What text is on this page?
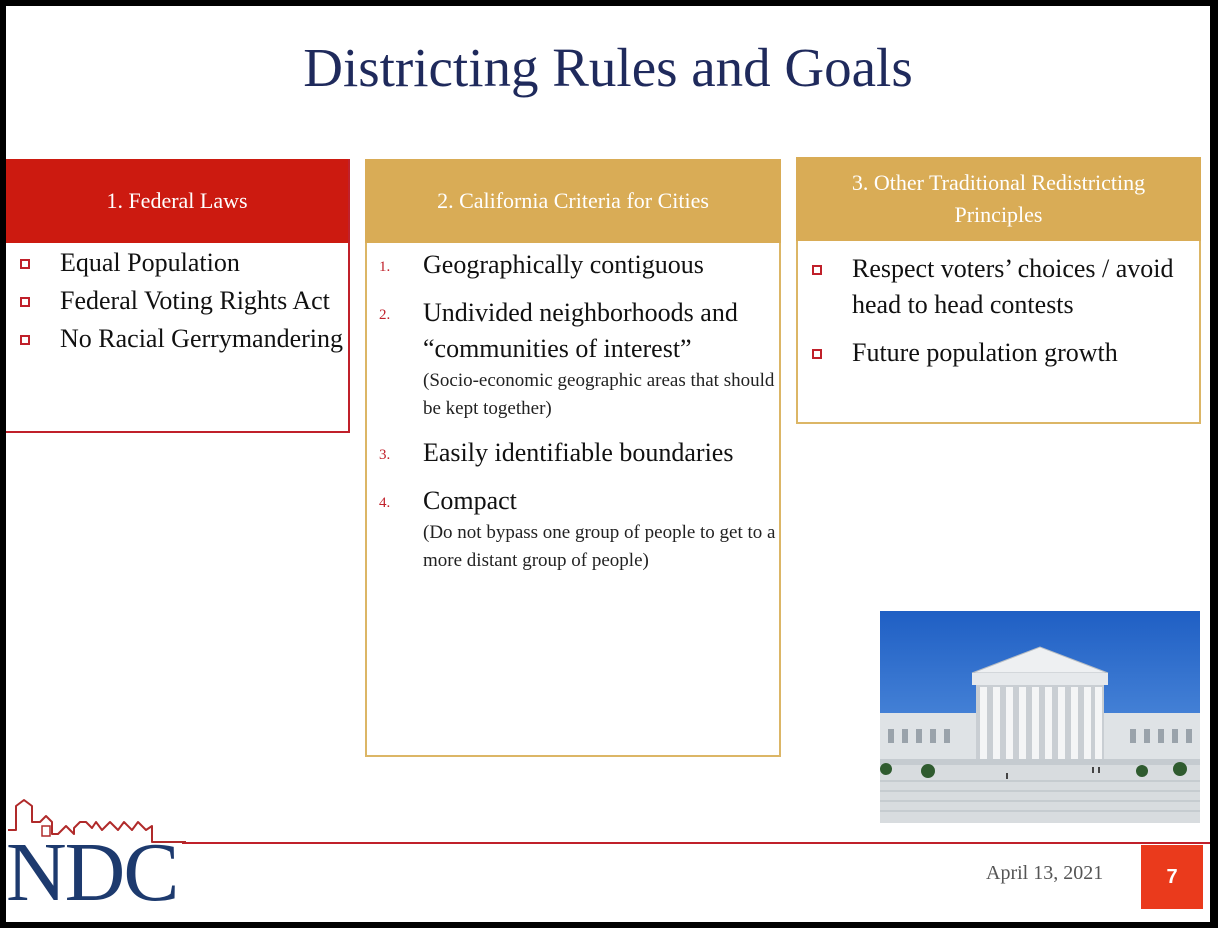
Districting Rules and Goals
1. Federal Laws
Equal Population
Federal Voting Rights Act
No Racial Gerrymandering
2. California Criteria for Cities
1. Geographically contiguous
2. Undivided neighborhoods and “communities of interest”
(Socio-economic geographic areas that should be kept together)
3. Easily identifiable boundaries
4. Compact
(Do not bypass one group of people to get to a more distant group of people)
3. Other Traditional Redistricting Principles
Respect voters’ choices / avoid head to head contests
Future population growth
April 13, 2021	7
NDC
